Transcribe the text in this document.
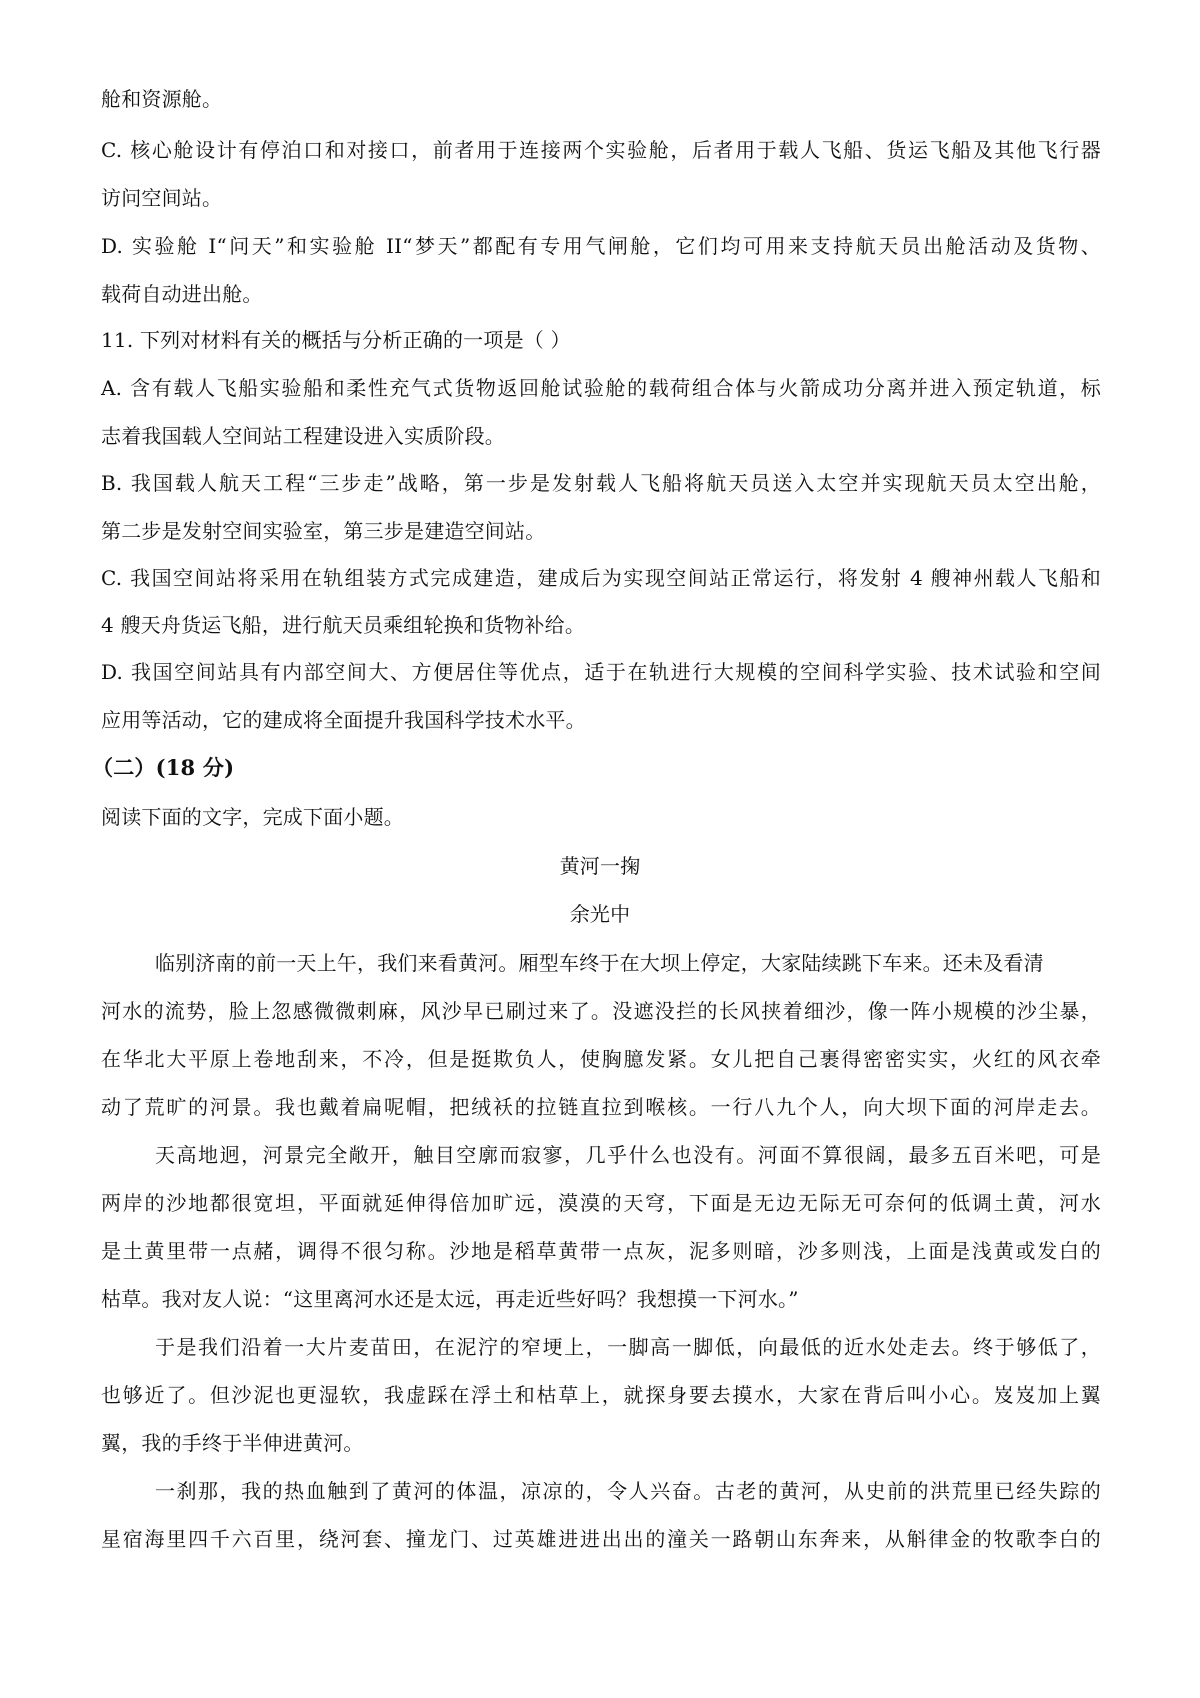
舱和资源舱。
C. 核心舱设计有停泊口和对接口，前者用于连接两个实验舱，后者用于载人飞船、货运飞船及其他飞行器
访问空间站。
D. 实验舱 I“问天”和实验舱 II“梦天”都配有专用气闸舱，它们均可用来支持航天员出舱活动及货物、
载荷自动进出舱。
11. 下列对材料有关的概括与分析正确的一项是（ ）
A. 含有载人飞船实验船和柔性充气式货物返回舱试验舱的载荷组合体与火箭成功分离并进入预定轨道，标
志着我国载人空间站工程建设进入实质阶段。
B. 我国载人航天工程“三步走”战略，第一步是发射载人飞船将航天员送入太空并实现航天员太空出舱，
第二步是发射空间实验室，第三步是建造空间站。
C. 我国空间站将采用在轨组装方式完成建造，建成后为实现空间站正常运行，将发射 4 艘神州载人飞船和
4 艘天舟货运飞船，进行航天员乘组轮换和货物补给。
D. 我国空间站具有内部空间大、方便居住等优点，适于在轨进行大规模的空间科学实验、技术试验和空间
应用等活动，它的建成将全面提升我国科学技术水平。
（二）(18 分)
阅读下面的文字，完成下面小题。
黄河一掬
余光中
临别济南的前一天上午，我们来看黄河。厢型车终于在大坝上停定，大家陆续跳下车来。还未及看清
河水的流势，脸上忽感微微刺麻，风沙早已刷过来了。没遮没拦的长风挟着细沙，像一阵小规模的沙尘暴，
在华北大平原上卷地刮来，不冷，但是挺欺负人，使胸臆发紧。女儿把自己裹得密密实实，火红的风衣牵
动了荒旷的河景。我也戴着扁呢帽，把绒袄的拉链直拉到喉核。一行八九个人，向大坝下面的河岸走去。
天高地迥，河景完全敞开，触目空廓而寂寥，几乎什么也没有。河面不算很阔，最多五百米吧，可是
两岸的沙地都很宽坦，平面就延伸得倍加旷远，漠漠的天穹，下面是无边无际无可奈何的低调土黄，河水
是土黄里带一点赭，调得不很匀称。沙地是稻草黄带一点灰，泥多则暗，沙多则浅，上面是浅黄或发白的
枯草。我对友人说：“这里离河水还是太远，再走近些好吗？我想摸一下河水。”
于是我们沿着一大片麦苗田，在泥泞的窄埂上，一脚高一脚低，向最低的近水处走去。终于够低了，
也够近了。但沙泥也更湿软，我虚踩在浮土和枯草上，就探身要去摸水，大家在背后叫小心。岌岌加上翼
翼，我的手终于半伸进黄河。
一刹那，我的热血触到了黄河的体温，凉凉的，令人兴奋。古老的黄河，从史前的洪荒里已经失踪的
星宿海里四千六百里，绕河套、撞龙门、过英雄进进出出的潼关一路朝山东奔来，从斛律金的牧歌李白的
